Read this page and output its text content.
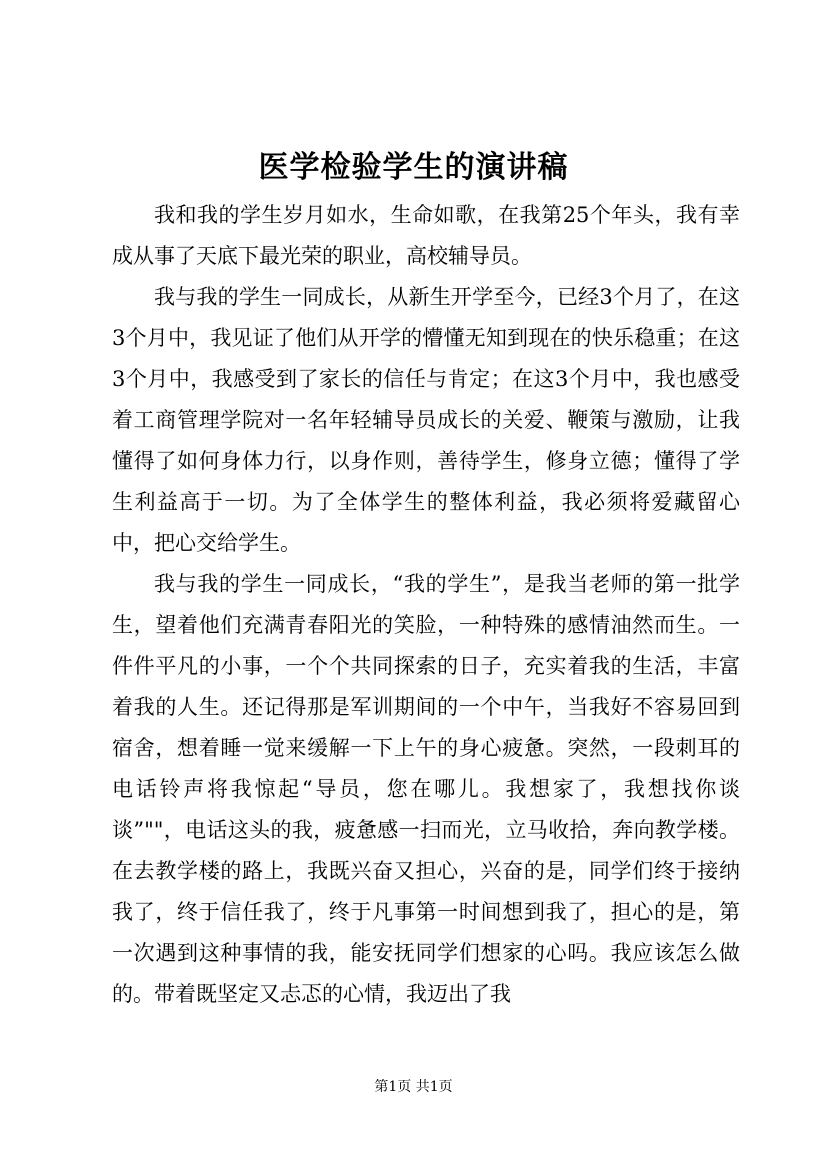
医学检验学生的演讲稿

我和我的学生岁月如水，生命如歌，在我第25个年头，我有幸成从事了天底下最光荣的职业，高校辅导员。

我与我的学生一同成长，从新生开学至今，已经3个月了，在这3个月中，我见证了他们从开学的懵懂无知到现在的快乐稳重；在这3个月中，我感受到了家长的信任与肯定；在这3个月中，我也感受着工商管理学院对一名年轻辅导员成长的关爱、鞭策与激励，让我懂得了如何身体力行，以身作则，善待学生，修身立德；懂得了学生利益高于一切。为了全体学生的整体利益，我必须将爱藏留心中，把心交给学生。

我与我的学生一同成长，“我的学生”，是我当老师的第一批学生，望着他们充满青春阳光的笑脸，一种特殊的感情油然而生。一件件平凡的小事，一个个共同探索的日子，充实着我的生活，丰富着我的人生。还记得那是军训期间的一个中午，当我好不容易回到宿舍，想着睡一觉来缓解一下上午的身心疲惫。突然，一段刺耳的电话铃声将我惊起“导员，您在哪儿。我想家了，我想找你谈谈”""，电话这头的我，疲惫感一扫而光，立马收拾，奔向教学楼。在去教学楼的路上，我既兴奋又担心，兴奋的是，同学们终于接纳我了，终于信任我了，终于凡事第一时间想到我了，担心的是，第一次遇到这种事情的我，能安抚同学们想家的心吗。我应该怎么做的。带着既坚定又忐忑的心情，我迈出了我

第1页 共1页
